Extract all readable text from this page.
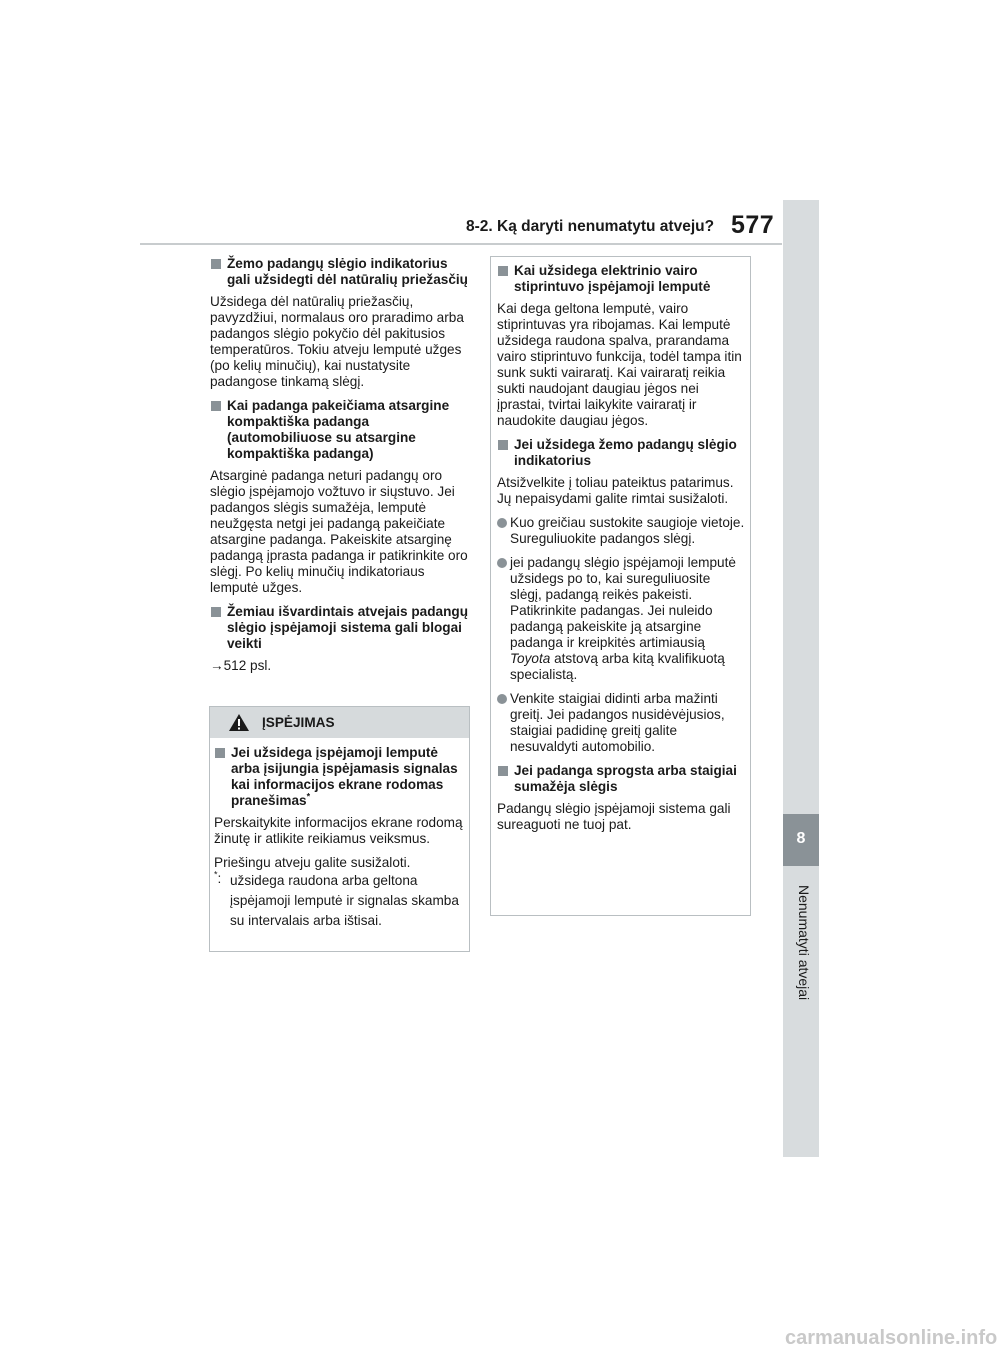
8-2. Ką daryti nenumatytu atveju? 577
8
Nenumatyti atvejai
Žemo padangų slėgio indikatorius gali užsidegti dėl natūralių priežasčių
Užsidega dėl natūralių priežasčių, pavyzdžiui, normalaus oro praradimo arba padangos slėgio pokyčio dėl pakitusios temperatūros. Tokiu atveju lemputė užges (po kelių minučių), kai nustatysite padangose tinkamą slėgį.
Kai padanga pakeičiama atsargine kompaktiška padanga (automobiliuose su atsargine kompaktiška padanga)
Atsarginė padanga neturi padangų oro slėgio įspėjamojo vožtuvo ir siųstuvo. Jei padangos slėgis sumažėja, lemputė neužgęsta netgi jei padangą pakeičiate atsargine padanga. Pakeiskite atsarginę padangą įprasta padanga ir patikrinkite oro slėgį. Po kelių minučių indikatoriaus lemputė užges.
Žemiau išvardintais atvejais padangų slėgio įspėjamoji sistema gali blogai veikti
→512 psl.
ĮSPĖJIMAS
Jei užsidega įspėjamoji lemputė arba įsijungia įspėjamasis signalas kai informacijos ekrane rodomas pranešimas*
Perskaitykite informacijos ekrane rodomą žinutę ir atlikite reikiamus veiksmus.
Priešingu atveju galite susižaloti.
*: užsidega raudona arba geltona įspėjamoji lemputė ir signalas skamba su intervalais arba ištisai.
Kai užsidega elektrinio vairo stiprintuvo įspėjamoji lemputė
Kai dega geltona lemputė, vairo stiprintuvas yra ribojamas. Kai lemputė užsidega raudona spalva, prarandama vairo stiprintuvo funkcija, todėl tampa itin sunk sukti vairaratį. Kai vairaratį reikia sukti naudojant daugiau jėgos nei įprastai, tvirtai laikykite vairaratį ir naudokite daugiau jėgos.
Jei užsidega žemo padangų slėgio indikatorius
Atsižvelkite į toliau pateiktus patarimus. Jų nepaisydami galite rimtai susižaloti.
Kuo greičiau sustokite saugioje vietoje. Sureguliuokite padangos slėgį.
jei padangų slėgio įspėjamoji lemputė užsidegs po to, kai sureguliuosite slėgį, padangą reikės pakeisti. Patikrinkite padangas. Jei nuleido padangą pakeiskite ją atsargine padanga ir kreipkitės artimiausią Toyota atstovą arba kitą kvalifikuotą specialistą.
Venkite staigiai didinti arba mažinti greitį. Jei padangos nusidėvėjusios, staigiai padidinę greitį galite nesuvaldyti automobilio.
Jei padanga sprogsta arba staigiai sumažėja slėgis
Padangų slėgio įspėjamoji sistema gali sureaguoti ne tuoj pat.
carmanualsonline.info
